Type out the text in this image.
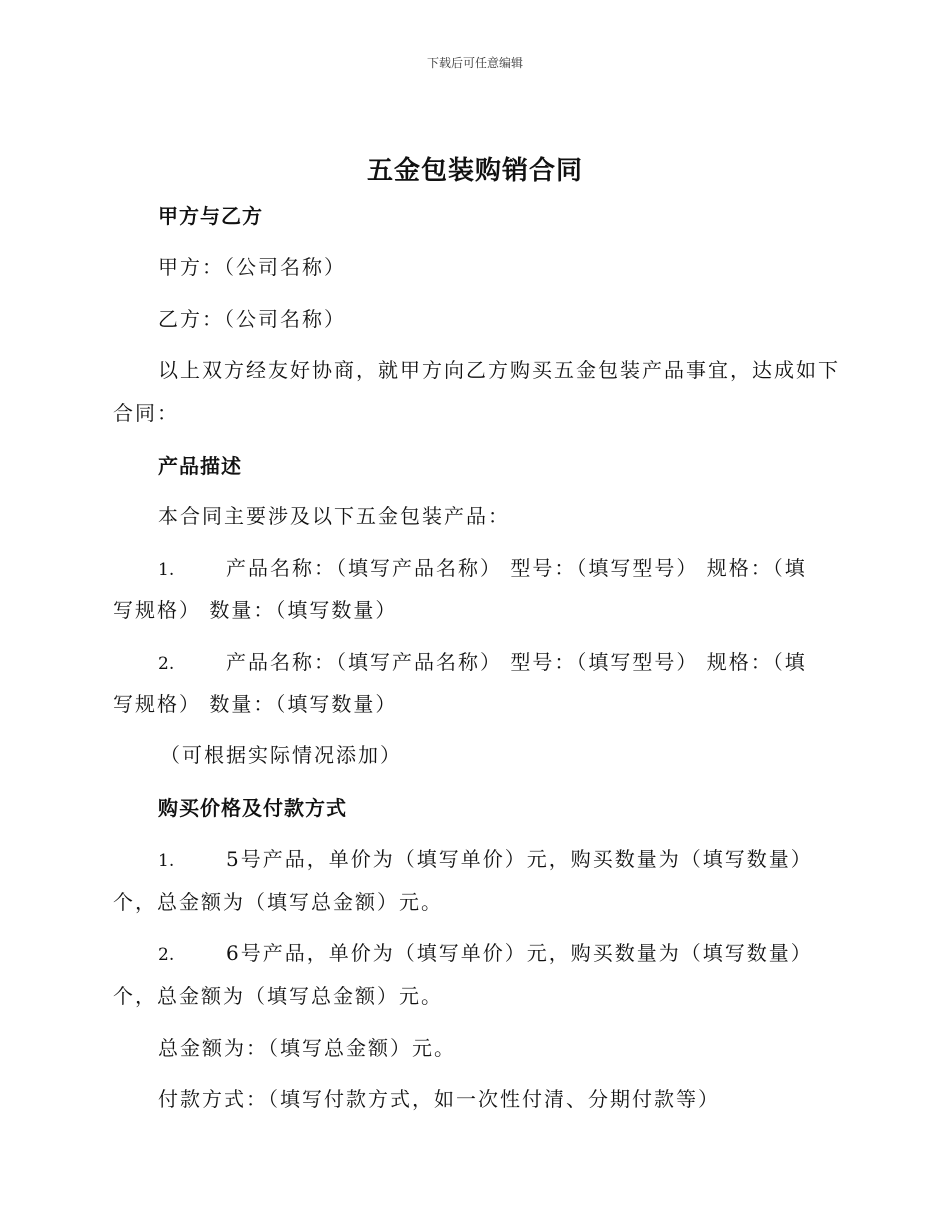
下载后可任意编辑
五金包装购销合同
甲方与乙方
甲方：（公司名称）
乙方：（公司名称）
以上双方经友好协商，就甲方向乙方购买五金包装产品事宜，达成如下
合同：
产品描述
本合同主要涉及以下五金包装产品：
1.	产品名称：（填写产品名称） 型号：（填写型号） 规格：（填
写规格） 数量：（填写数量）
2.	产品名称：（填写产品名称） 型号：（填写型号） 规格：（填
写规格） 数量：（填写数量）
（可根据实际情况添加）
购买价格及付款方式
1.	5号产品，单价为（填写单价）元，购买数量为（填写数量）
个，总金额为（填写总金额）元。
2.	6号产品，单价为（填写单价）元，购买数量为（填写数量）
个，总金额为（填写总金额）元。
总金额为：（填写总金额）元。
付款方式：（填写付款方式，如一次性付清、分期付款等）
